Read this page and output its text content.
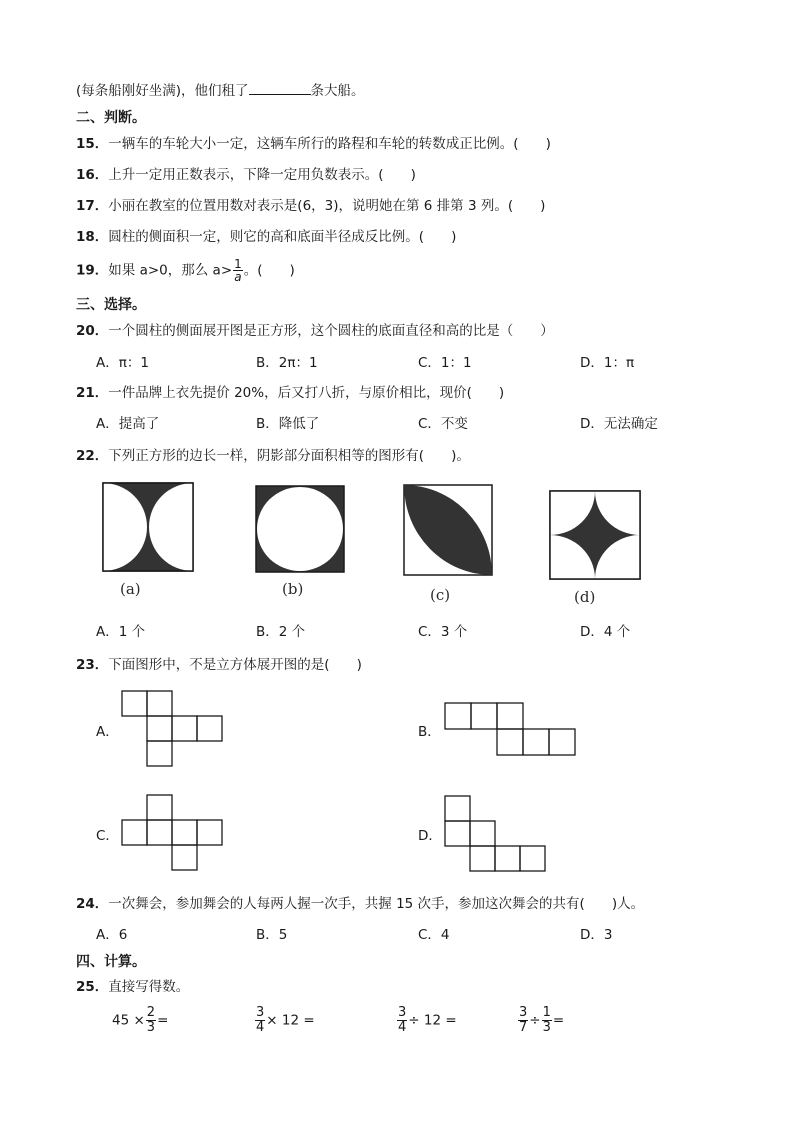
(每条船刚好坐满)，他们租了	条大船。
二、判断。
15．一辆车的车轮大小一定，这辆车所行的路程和车轮的转数成正比例。(　　)
16．上升一定用正数表示，下降一定用负数表示。(　　)
17．小丽在教室的位置用数对表示是(6，3)，说明她在第 6 排第 3 列。(　　)
18．圆柱的侧面积一定，则它的高和底面半径成反比例。(　　)
19．如果 a>0，那么 $a> \frac{1}{a}$ 。(　　)
三、选择。
20．一个圆柱的侧面展开图是正方形，这个圆柱的底面直径和高的比是（　　）
A．π：1	B．2π：1	C．1：1	D．1：π
21．一件品牌上衣先提价 20%，后又打八折，与原价相比，现价(　　)
A．提高了	B．降低了	C．不变	D．无法确定
22．下列正方形的边长一样，阴影部分面积相等的图形有(　　)。
(a)	(b)	(c)	(d)
A．1 个	B．2 个	C．3 个	D．4 个
23．下面图形中，不是立方体展开图的是(　　)
A．	B．
C．	D．
24．一次舞会，参加舞会的人每两人握一次手，共握 15 次手，参加这次舞会的共有(　　)人。
A．6	B．5	C．4	D．3
四、计算。
25．直接写得数。
$45 \times \frac{2}{3}$ =	$\frac{3}{4} \times 12$ =	$\frac{3}{4} \div 12$ =	$\frac{3}{7} \div \frac{1}{3}$ =
